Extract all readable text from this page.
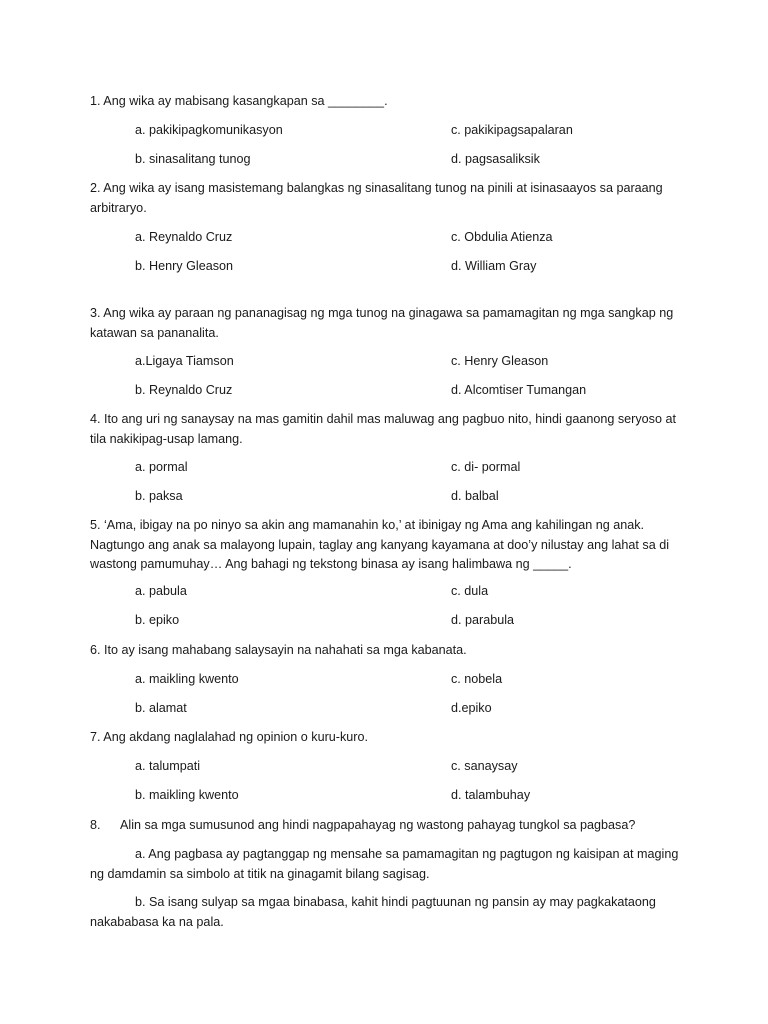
1. Ang wika ay mabisang kasangkapan sa ________.

a. pakikipagkomunikasyon	c. pakikipagsapalaran

b. sinasalitang tunog	d. pagsasaliksik

2. Ang wika ay isang masistemang balangkas ng sinasalitang tunog na pinili at isinasaayos sa paraang arbitraryo.

a. Reynaldo Cruz	c. Obdulia Atienza

b. Henry Gleason	d. William Gray

3. Ang wika ay paraan ng pananagisag ng mga tunog na ginagawa sa pamamagitan ng mga sangkap ng katawan sa pananalita.

a.Ligaya Tiamson	c. Henry Gleason

b. Reynaldo Cruz	d. Alcomtiser Tumangan

4. Ito ang uri ng sanaysay na mas gamitin dahil mas maluwag ang pagbuo nito, hindi gaanong seryoso at tila nakikipag-usap lamang.

a. pormal	c. di- pormal

b. paksa	d. balbal

5. ‘Ama, ibigay na po ninyo sa akin ang mamanahin ko,’ at ibinigay ng Ama ang kahilingan ng anak. Nagtungo ang anak sa malayong lupain, taglay ang kanyang kayamana at doo’y nilustay ang lahat sa di wastong pamumuhay… Ang bahagi ng tekstong binasa ay isang halimbawa ng _____.

a. pabula	c. dula

b. epiko	d. parabula

6. Ito ay isang mahabang salaysayin na nahahati sa mga kabanata.

a. maikling kwento	c. nobela

b. alamat	d.epiko

7. Ang akdang naglalahad ng opinion o kuru-kuro.

a. talumpati	c. sanaysay

b. maikling kwento	d. talambuhay

8. Alin sa mga sumusunod ang hindi nagpapahayag ng wastong pahayag tungkol sa pagbasa?

a. Ang pagbasa ay pagtanggap ng mensahe sa pamamagitan ng pagtugon ng kaisipan at maging ng damdamin sa simbolo at titik na ginagamit bilang sagisag.

b. Sa isang sulyap sa mgaa binabasa, kahit hindi pagtuunan ng pansin ay may pagkakataong nakababasa ka na pala.
